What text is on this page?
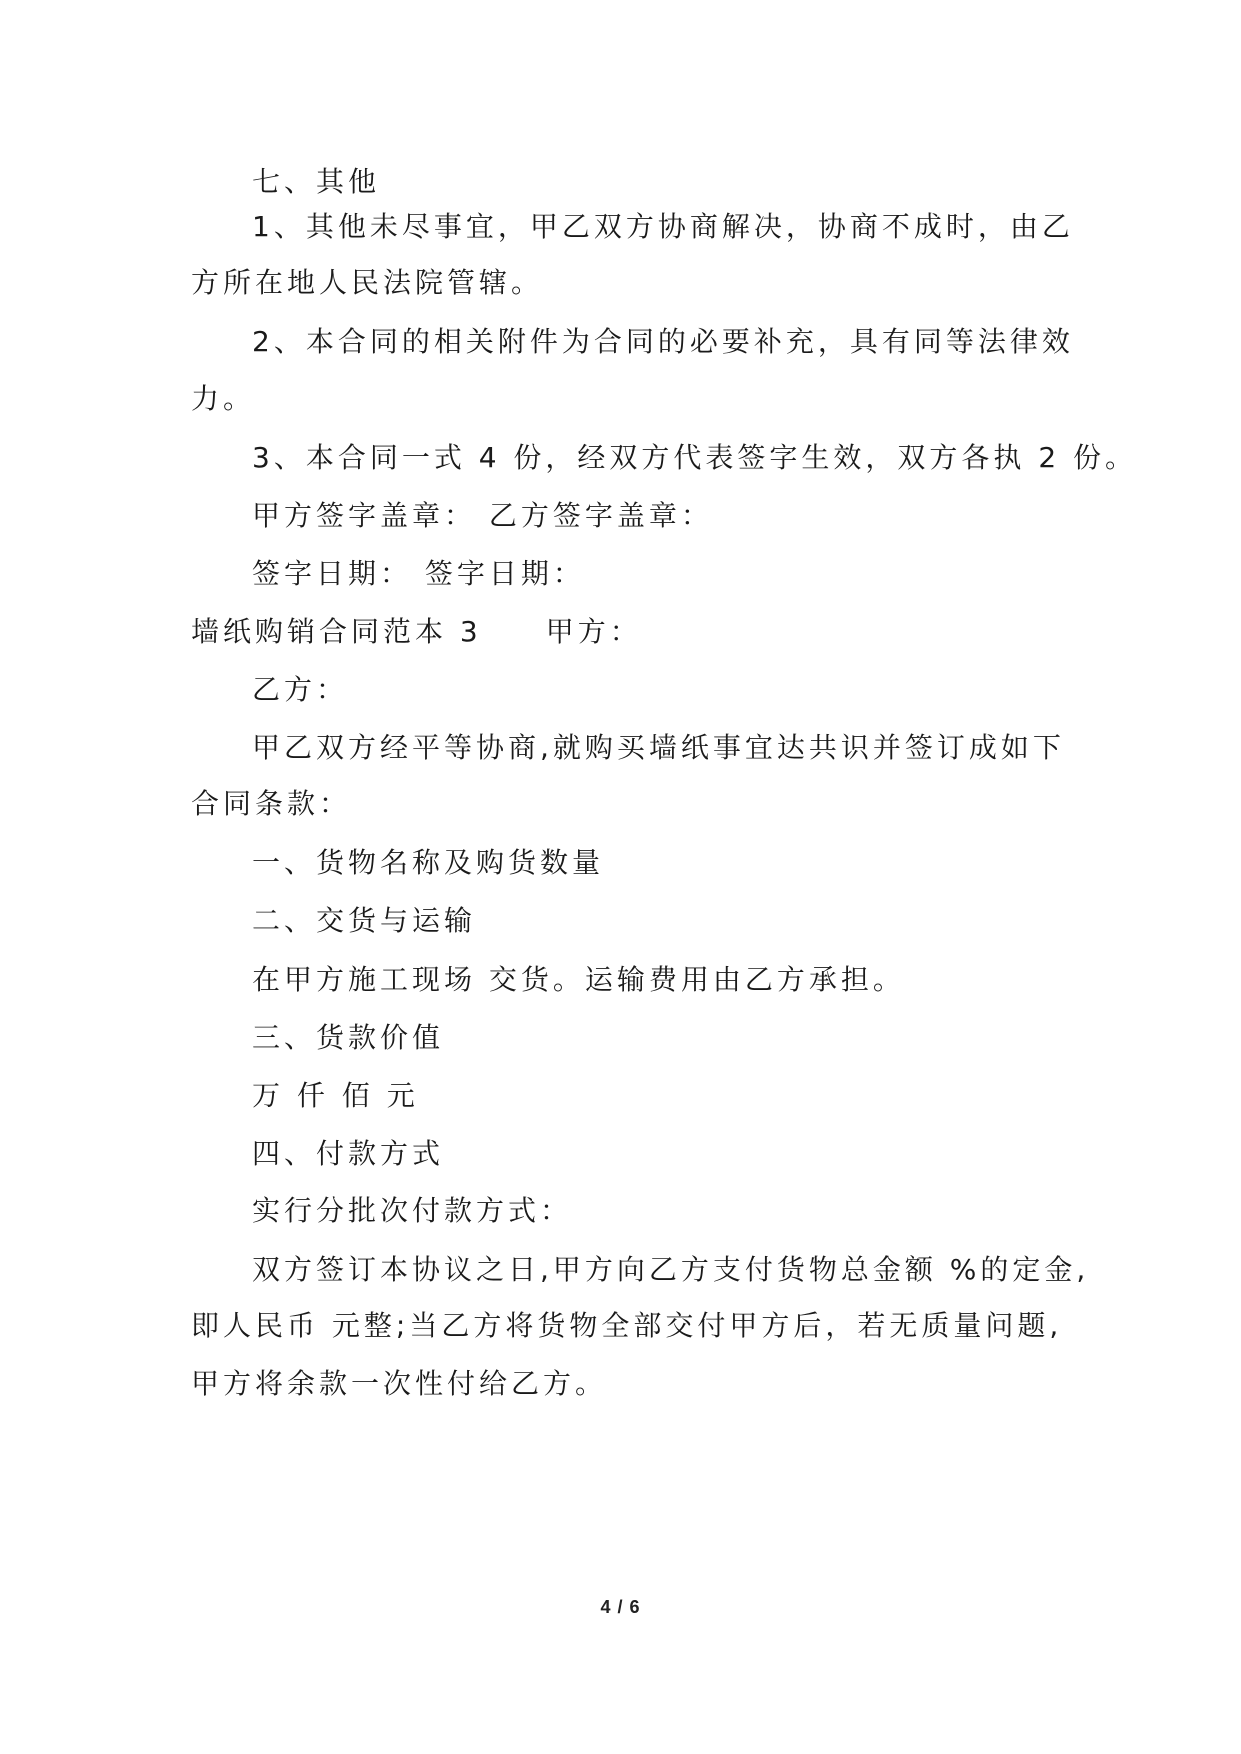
七、其他
1、其他未尽事宜，甲乙双方协商解决，协商不成时，由乙
方所在地人民法院管辖。
2、本合同的相关附件为合同的必要补充，具有同等法律效
力。
3、本合同一式 4 份，经双方代表签字生效，双方各执 2 份。
甲方签字盖章： 乙方签字盖章：
签字日期： 签字日期：
墙纸购销合同范本 3 甲方：
乙方：
甲乙双方经平等协商,就购买墙纸事宜达共识并签订成如下
合同条款：
一、货物名称及购货数量
二、交货与运输
在甲方施工现场 交货。运输费用由乙方承担。
三、货款价值
万 仟 佰 元
四、付款方式
实行分批次付款方式：
双方签订本协议之日,甲方向乙方支付货物总金额 %的定金,
即人民币 元整;当乙方将货物全部交付甲方后，若无质量问题,
甲方将余款一次性付给乙方。
4 / 6
